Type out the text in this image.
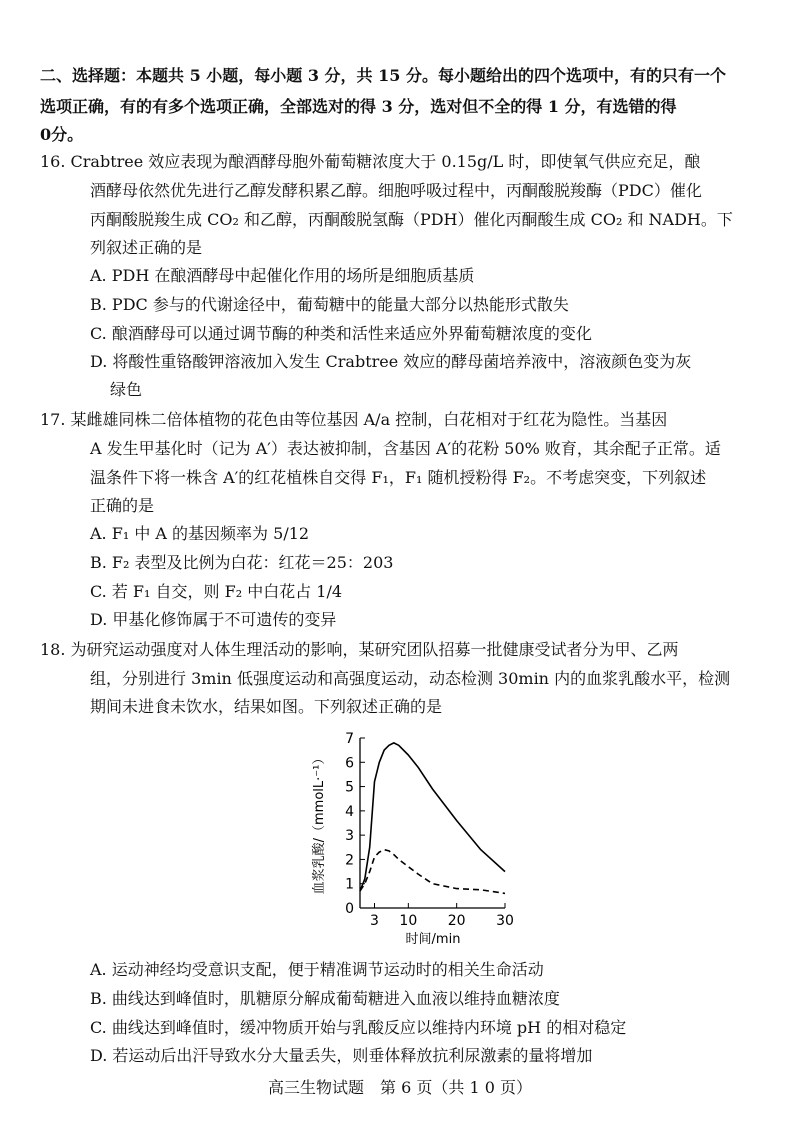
二、选择题：本题共 5 小题，每小题 3 分，共 15 分。每小题给出的四个选项中，有的只有一个
选项正确，有的有多个选项正确，全部选对的得 3 分，选对但不全的得 1 分，有选错的得
0分。
16. Crabtree 效应表现为酿酒酵母胞外葡萄糖浓度大于 0.15g/L 时，即使氧气供应充足，酿
酒酵母依然优先进行乙醇发酵积累乙醇。细胞呼吸过程中，丙酮酸脱羧酶（PDC）催化
丙酮酸脱羧生成 CO₂ 和乙醇，丙酮酸脱氢酶（PDH）催化丙酮酸生成 CO₂ 和 NADH。下
列叙述正确的是
A. PDH 在酿酒酵母中起催化作用的场所是细胞质基质
B. PDC 参与的代谢途径中，葡萄糖中的能量大部分以热能形式散失
C. 酿酒酵母可以通过调节酶的种类和活性来适应外界葡萄糖浓度的变化
D. 将酸性重铬酸钾溶液加入发生 Crabtree 效应的酵母菌培养液中，溶液颜色变为灰
绿色
17. 某雌雄同株二倍体植物的花色由等位基因 A/a 控制，白花相对于红花为隐性。当基因
A 发生甲基化时（记为 A′）表达被抑制，含基因 A′的花粉 50% 败育，其余配子正常。适
温条件下将一株含 A′的红花植株自交得 F₁，F₁ 随机授粉得 F₂。不考虑突变，下列叙述
正确的是
A. F₁ 中 A 的基因频率为 5/12
B. F₂ 表型及比例为白花：红花＝25：203
C. 若 F₁ 自交，则 F₂ 中白花占 1/4
D. 甲基化修饰属于不可遗传的变异
18. 为研究运动强度对人体生理活动的影响，某研究团队招募一批健康受试者分为甲、乙两
组，分别进行 3min 低强度运动和高强度运动，动态检测 30min 内的血浆乳酸水平，检测
期间未进食未饮水，结果如图。下列叙述正确的是
0
1
2
3
4
5
6
7
3 10 20 30
血浆乳酸/（mmolL·⁻¹）
时间/min
A. 运动神经均受意识支配，便于精准调节运动时的相关生命活动
B. 曲线达到峰值时，肌糖原分解成葡萄糖进入血液以维持血糖浓度
C. 曲线达到峰值时，缓冲物质开始与乳酸反应以维持内环境 pH 的相对稳定
D. 若运动后出汗导致水分大量丢失，则垂体释放抗利尿激素的量将增加
高三生物试题　第 6 页（共 1 0 页）
